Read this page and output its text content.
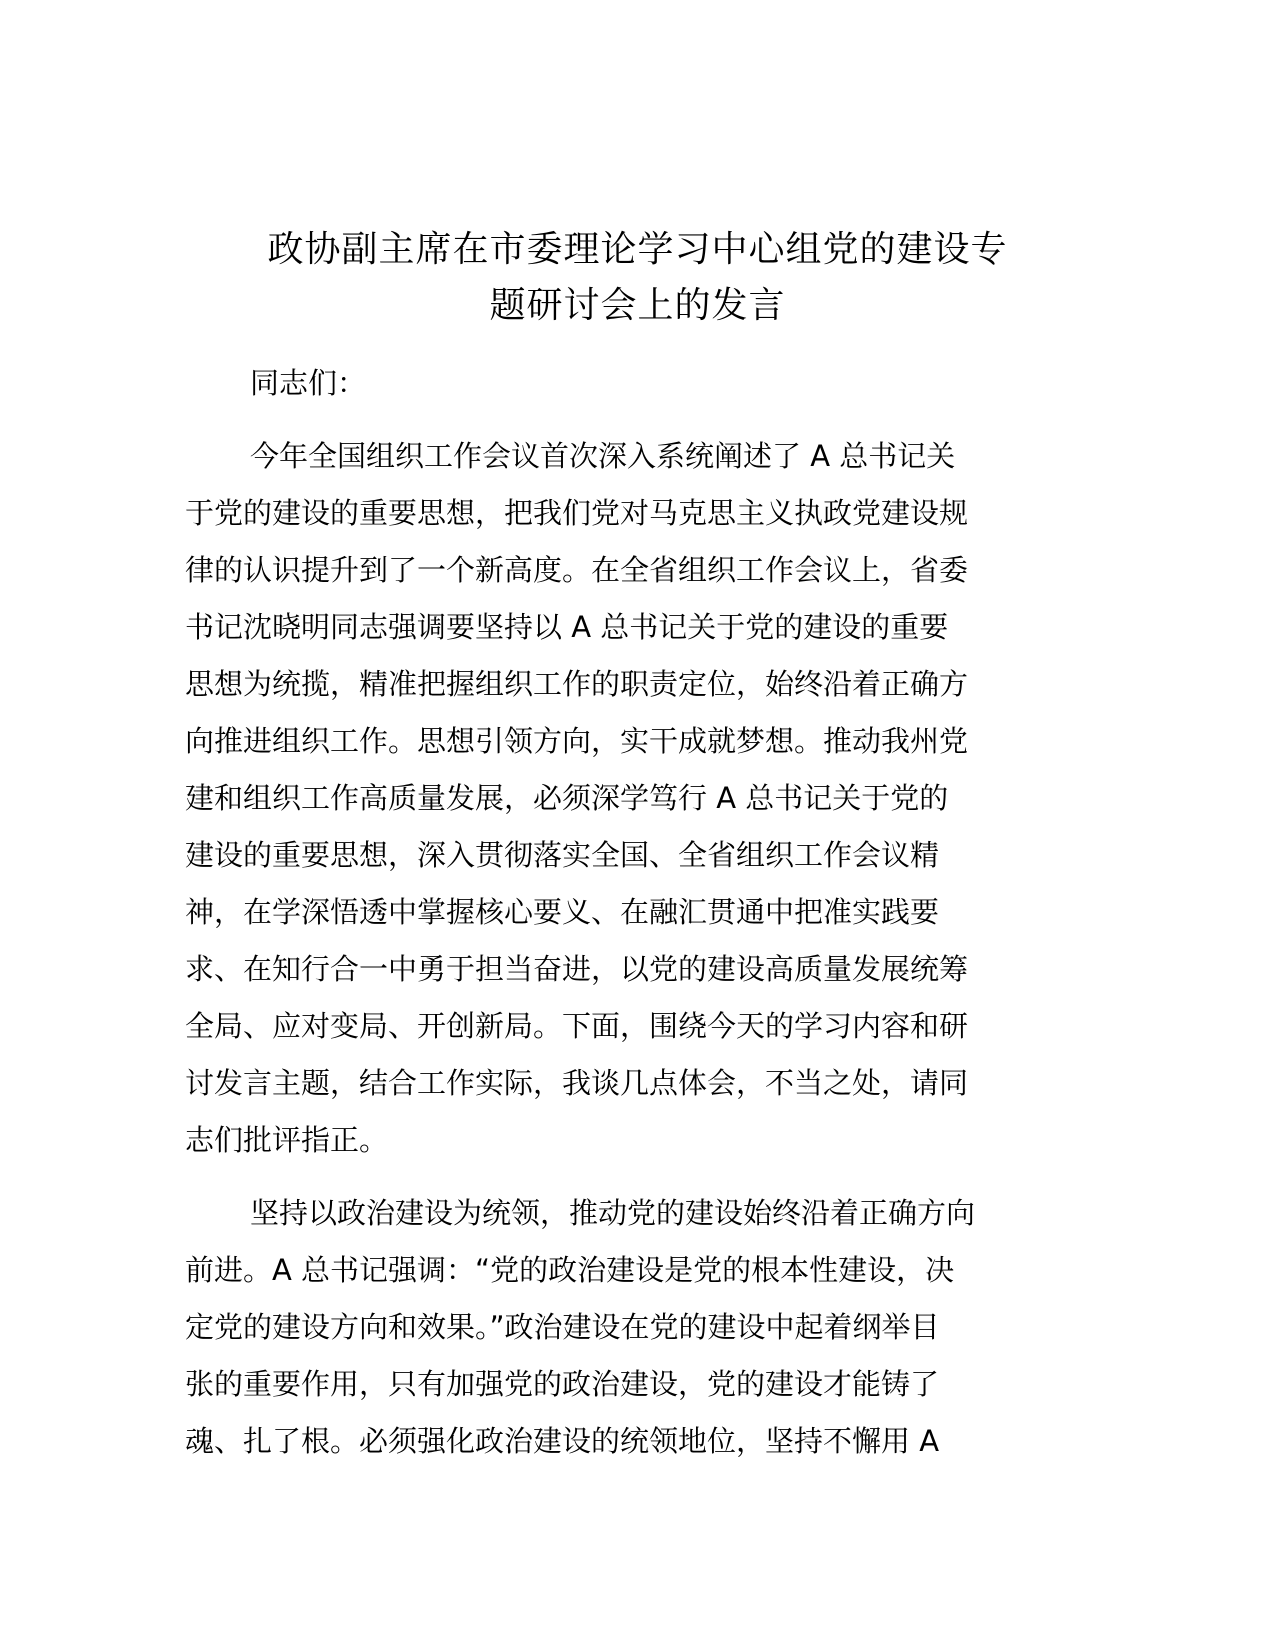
政协副主席在市委理论学习中心组党的建设专
题研讨会上的发言
同志们：
今年全国组织工作会议首次深入系统阐述了 A 总书记关
于党的建设的重要思想，把我们党对马克思主义执政党建设规
律的认识提升到了一个新高度。在全省组织工作会议上，省委
书记沈晓明同志强调要坚持以 A 总书记关于党的建设的重要
思想为统揽，精准把握组织工作的职责定位，始终沿着正确方
向推进组织工作。思想引领方向，实干成就梦想。推动我州党
建和组织工作高质量发展，必须深学笃行 A 总书记关于党的
建设的重要思想，深入贯彻落实全国、全省组织工作会议精
神，在学深悟透中掌握核心要义、在融汇贯通中把准实践要
求、在知行合一中勇于担当奋进，以党的建设高质量发展统筹
全局、应对变局、开创新局。下面，围绕今天的学习内容和研
讨发言主题，结合工作实际，我谈几点体会，不当之处，请同
志们批评指正。
坚持以政治建设为统领，推动党的建设始终沿着正确方向
前进。A 总书记强调：“党的政治建设是党的根本性建设，决
定党的建设方向和效果。”政治建设在党的建设中起着纲举目
张的重要作用，只有加强党的政治建设，党的建设才能铸了
魂、扎了根。必须强化政治建设的统领地位，坚持不懈用 A
